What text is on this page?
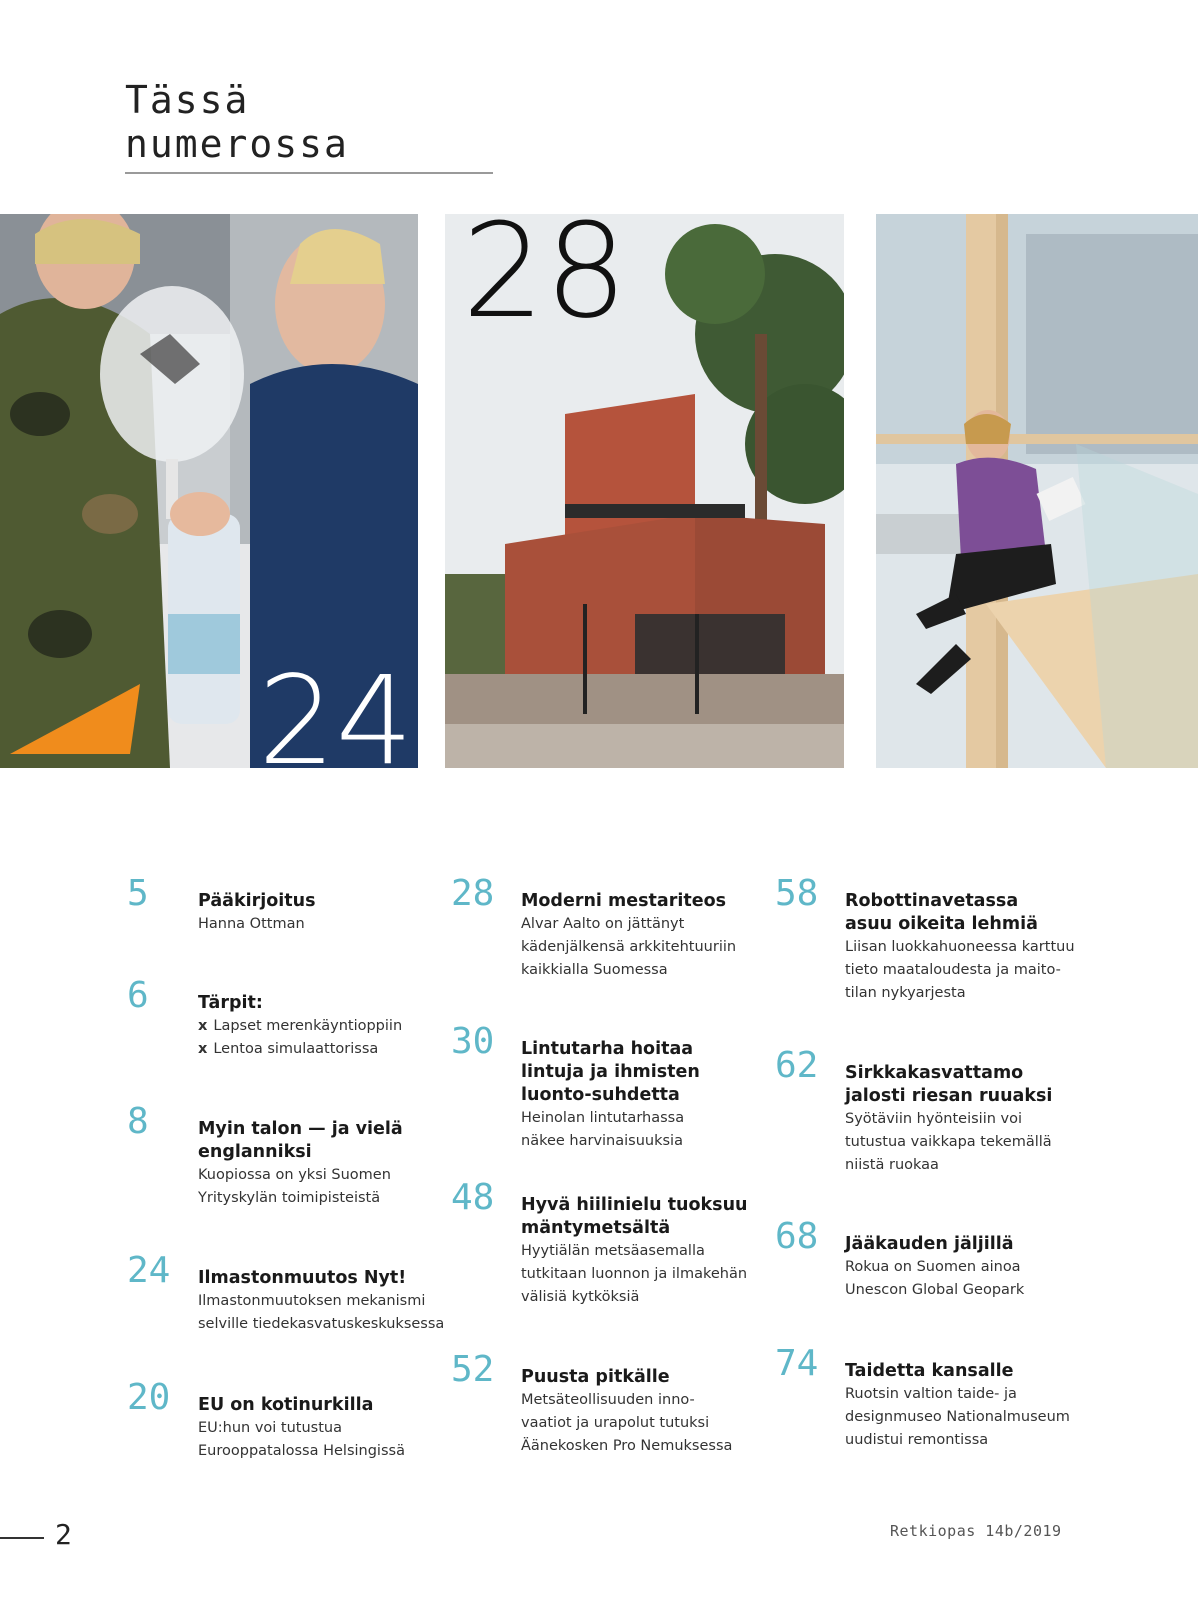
Tässä numerossa
24
28
5	Pääkirjoitus
Hanna Ottman
6	Tärpit:
x Lapset merenkäyntioppiin
x Lentoa simulaattorissa
8	Myin talon — ja vielä englanniksi
Kuopiossa on yksi Suomen
Yrityskylän toimipisteistä
24 Ilmastonmuutos Nyt!
Ilmastonmuutoksen mekanismi
selville tiedekasvatuskeskuksessa
20 EU on kotinurkilla
EU:hun voi tutustua
Eurooppatalossa Helsingissä
28 Moderni mestariteos
Alvar Aalto on jättänyt
kädenjälkensä arkkitehtuuriin
kaikkialla Suomessa
30 Lintutarha hoitaa lintuja ja ihmisten luonto-suhdetta
Heinolan lintutarhassa
näkee harvinaisuuksia
48 Hyvä hiilinielu tuoksuu mäntymetsältä
Hyytiälän metsäasemalla
tutkitaan luonnon ja ilmakehän
välisiä kytköksiä
52 Puusta pitkälle
Metsäteollisuuden inno-
vaatiot ja urapolut tutuksi
Äänekosken Pro Nemuksessa
58 Robottinavetassa asuu oikeita lehmiä
Liisan luokkahuoneessa karttuu
tieto maataloudesta ja maito-
tilan nykyarjesta
62 Sirkkakasvattamo jalosti riesan ruuaksi
Syötäviin hyönteisiin voi
tutustua vaikkapa tekemällä
niistä ruokaa
68 Jääkauden jäljillä
Rokua on Suomen ainoa
Unescon Global Geopark
74 Taidetta kansalle
Ruotsin valtion taide- ja
designmuseo Nationalmuseum
uudistui remontissa
2	Retkiopas 14b/2019
